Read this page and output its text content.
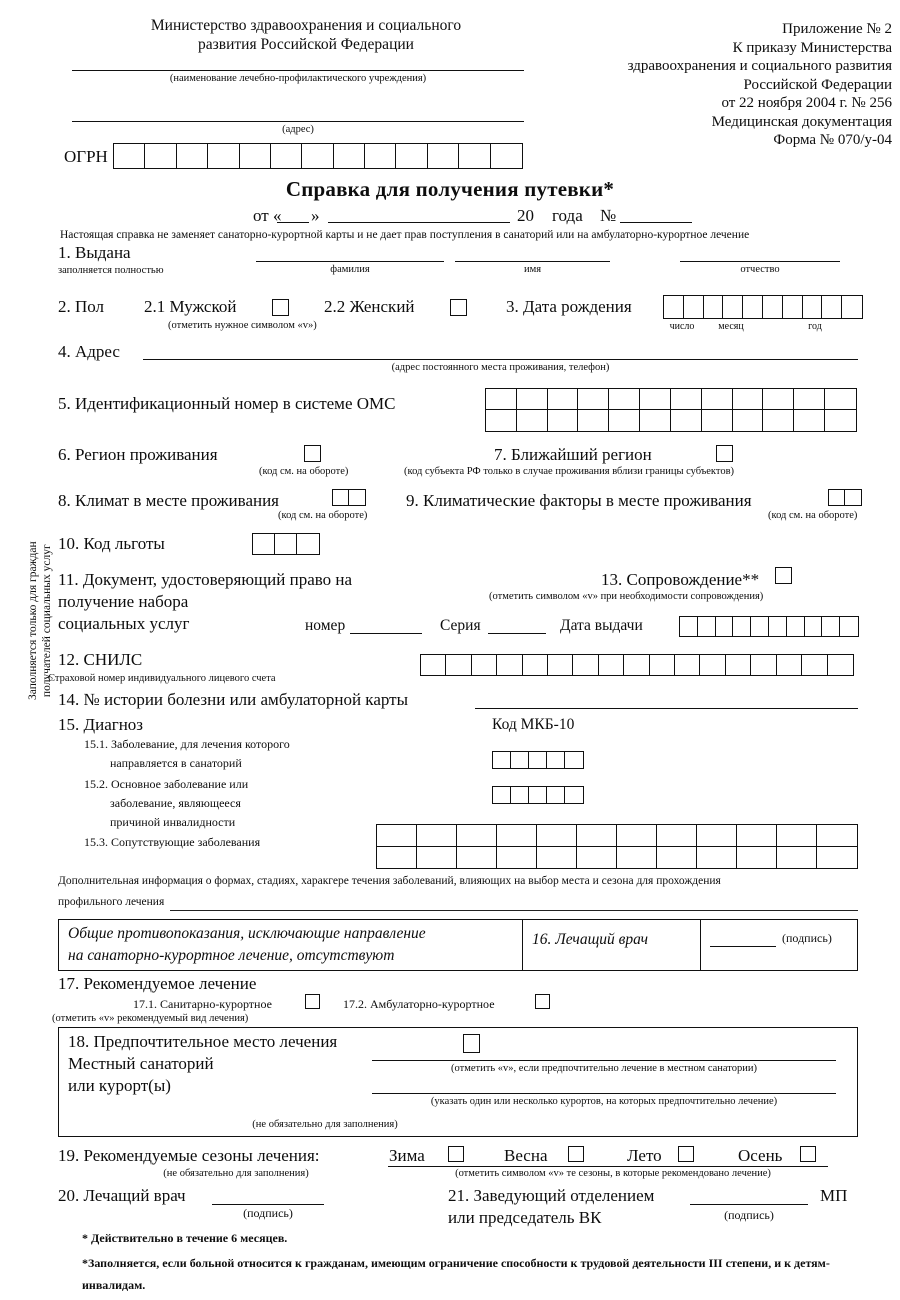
Министерство здравоохранения и социального
развития Российской Федерации
(наименование лечебно-профилактического учреждения)
(адрес)
ОГРН
Приложение № 2
К приказу Министерства
здравоохранения и социального развития
Российской Федерации
от 22 ноября 2004 г. № 256
Медицинская документация
Форма № 070/у-04
Справка для получения путевки*
от « »	20 года №
Настоящая справка не заменяет санаторно-курортной карты и не дает прав поступления в санаторий или на амбулаторно-курортное лечение
Заполняется только для граждан получателей социальных услуг
1. Выдана
заполняется полностью	фамилия	имя	отчество
2. Пол 2.1 Мужской	2.2 Женский
(отметить нужное символом «v»)
3. Дата рождения
число	месяц	год
4. Адрес
(адрес постоянного места проживания, телефон)
5. Идентификационный номер в системе ОМС
6. Регион проживания
(код см. на обороте)
7. Ближайший регион
(код субъекта РФ только в случае проживания вблизи границы субъектов)
8. Климат в месте проживания
(код см. на обороте)
9. Климатические факторы в месте проживания
(код см. на обороте)
10. Код льготы
11. Документ, удостоверяющий право на
получение набора
социальных услуг	номер	Серия	Дата выдачи
13. Сопровождение**
(отметить символом «v» при необходимости сопровождения)
12. СНИЛС
Страховой номер индивидуального лицевого счета
14. № истории болезни или амбулаторной карты
15. Диагноз	Код МКБ-10
15.1. Заболевание, для лечения которого
направляется в санаторий
15.2. Основное заболевание или
заболевание, являющееся
причиной инвалидности
15.3. Сопутствующие заболевания
Дополнительная информация о формах, стадиях, харакгере течения заболеваний, влияющих на выбор места и сезона для прохождения
профильного лечения
Общие противопоказания, исключающие направление
на санаторно-курортное лечение, отсутствуют
16. Лечащий врач	(подпись)
17. Рекомендуемое лечение
17.1. Санитарно-курортное	17.2. Амбулаторно-курортное
(отметить «v» рекомендуемый вид лечения)
18. Предпочтительное место лечения
Местный санаторий
или курорт(ы)
(отметить «v», если предпочтительно лечение в местном санатории)
(указать один или несколько курортов, на которых предпочтительно лечение)
(не обязательно для заполнения)
19. Рекомендуемые сезоны лечения:	Зима	Весна	Лето	Осень
(не обязательно для заполнения)	(отметить символом «v» те сезоны, в которые рекомендовано лечение)
20. Лечащий врач
(подпись)
21. Заведующий отделением
или председатель ВК	(подпись)
МП
* Действительно в течение 6 месяцев.
*Заполняется, если больной относится к гражданам, имеющим ограничение способности к трудовой деятельности III степени, и к детям-
инвалидам.
